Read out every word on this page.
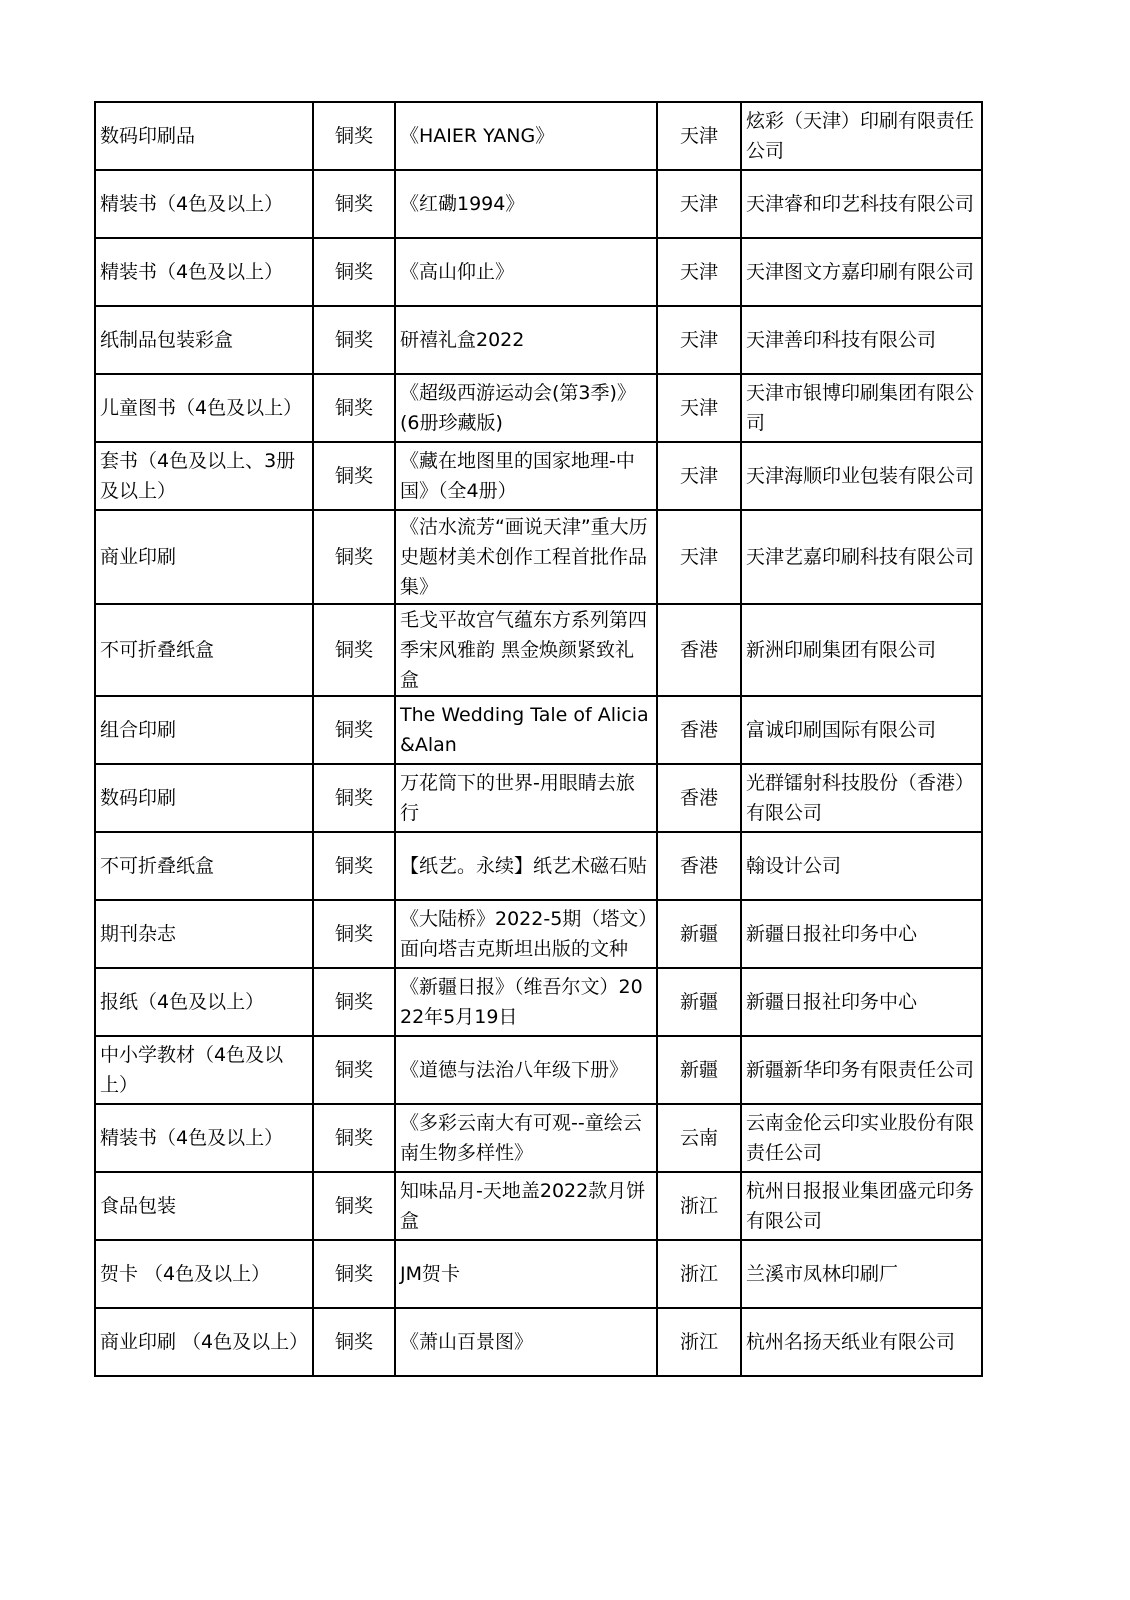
数码印刷品	铜奖	《HAIER YANG》	天津	炫彩（天津）印刷有限责任公司
精装书（4色及以上）	铜奖	《红磡1994》	天津	天津睿和印艺科技有限公司
精装书（4色及以上）	铜奖	《高山仰止》	天津	天津图文方嘉印刷有限公司
纸制品包装彩盒	铜奖	研禧礼盒2022	天津	天津善印科技有限公司
儿童图书（4色及以上）	铜奖	《超级西游运动会(第3季)》(6册珍藏版)	天津	天津市银博印刷集团有限公司
套书（4色及以上、3册及以上）	铜奖	《藏在地图里的国家地理-中国》（全4册）	天津	天津海顺印业包装有限公司
商业印刷	铜奖	《沽水流芳“画说天津”重大历史题材美术创作工程首批作品集》	天津	天津艺嘉印刷科技有限公司
不可折叠纸盒	铜奖	毛戈平故宫气蕴东方系列第四季宋风雅韵 黑金焕颜紧致礼盒	香港	新洲印刷集团有限公司
组合印刷	铜奖	The Wedding Tale of Alicia&Alan	香港	富诚印刷国际有限公司
数码印刷	铜奖	万花筒下的世界-用眼睛去旅行	香港	光群镭射科技股份（香港）有限公司
不可折叠纸盒	铜奖	【纸艺。永续】纸艺术磁石贴	香港	翰设计公司
期刊杂志	铜奖	《大陆桥》2022-5期（塔文）面向塔吉克斯坦出版的文种	新疆	新疆日报社印务中心
报纸（4色及以上）	铜奖	《新疆日报》（维吾尔文）2022年5月19日	新疆	新疆日报社印务中心
中小学教材（4色及以上）	铜奖	《道德与法治八年级下册》	新疆	新疆新华印务有限责任公司
精装书（4色及以上）	铜奖	《多彩云南大有可观--童绘云南生物多样性》	云南	云南金伦云印实业股份有限责任公司
食品包装	铜奖	知味品月-天地盖2022款月饼盒	浙江	杭州日报报业集团盛元印务有限公司
贺卡 （4色及以上）	铜奖	JM贺卡	浙江	兰溪市凤林印刷厂
商业印刷 （4色及以上）	铜奖	《萧山百景图》	浙江	杭州名扬天纸业有限公司
